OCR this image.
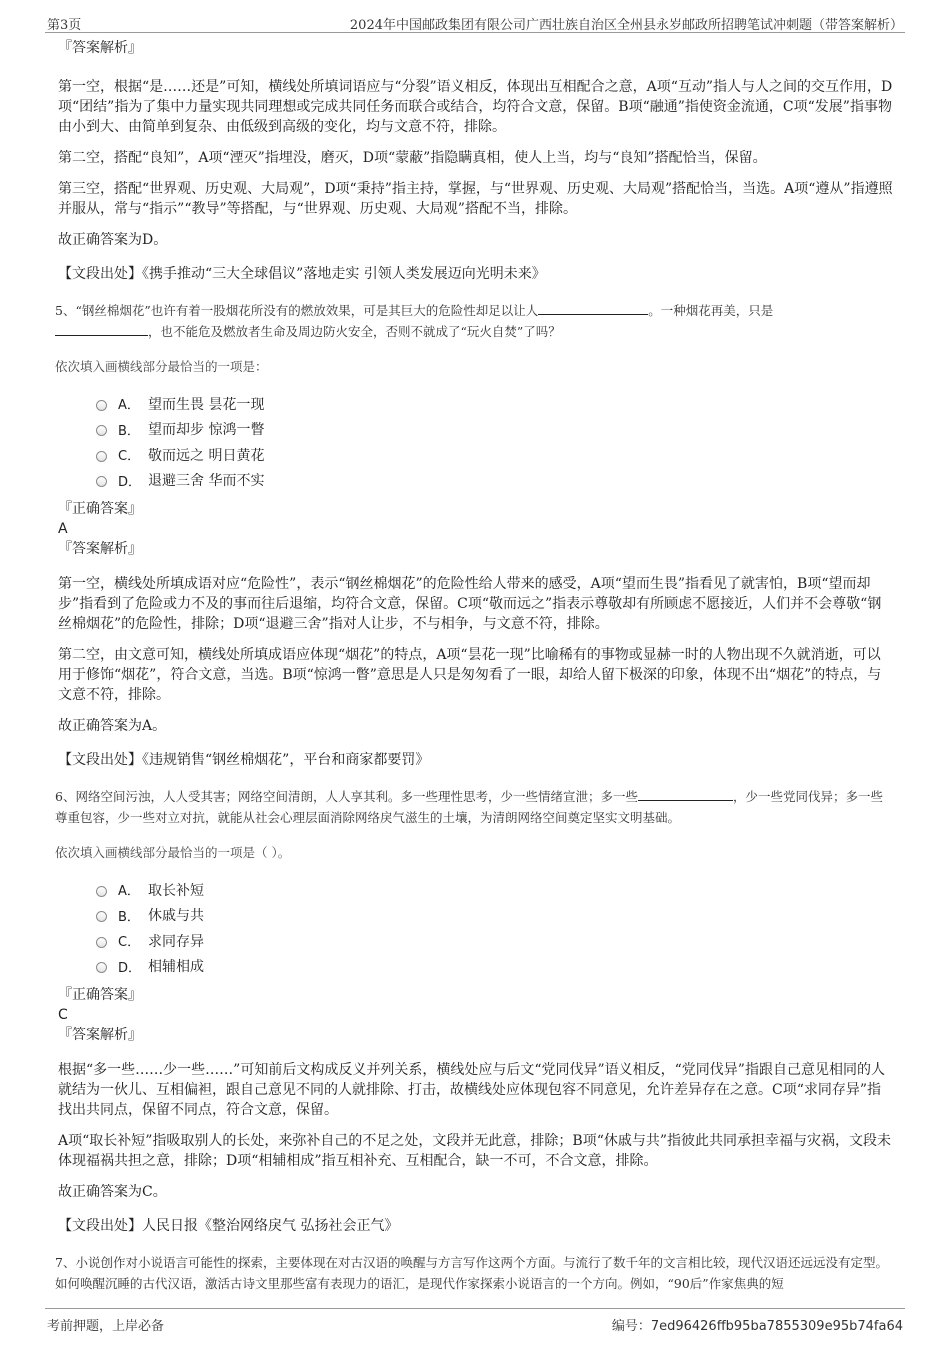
第3页	2024年中国邮政集团有限公司广西壮族自治区全州县永岁邮政所招聘笔试冲刺题（带答案解析）

『答案解析』

第一空，根据“是……还是”可知，横线处所填词语应与“分裂”语义相反，体现出互相配合之意，A项“互动”指人与人之间的交互作用，D项“团结”指为了集中力量实现共同理想或完成共同任务而联合或结合，均符合文意，保留。B项“融通”指使资金流通，C项“发展”指事物由小到大、由简单到复杂、由低级到高级的变化，均与文意不符，排除。

第二空，搭配“良知”，A项“湮灭”指埋没，磨灭，D项“蒙蔽”指隐瞒真相，使人上当，均与“良知”搭配恰当，保留。

第三空，搭配“世界观、历史观、大局观”，D项“秉持”指主持，掌握，与“世界观、历史观、大局观”搭配恰当，当选。A项“遵从”指遵照并服从，常与“指示”“教导”等搭配，与“世界观、历史观、大局观”搭配不当，排除。

故正确答案为D。

【文段出处】《携手推动“三大全球倡议”落地走实 引领人类发展迈向光明未来》

5、“钢丝棉烟花”也许有着一股烟花所没有的燃放效果，可是其巨大的危险性却足以让人	。一种烟花再美，只是
，也不能危及燃放者生命及周边防火安全，否则不就成了“玩火自焚”了吗？

依次填入画横线部分最恰当的一项是：

A． 望而生畏 昙花一现
B． 望而却步 惊鸿一瞥
C． 敬而远之 明日黄花
D． 退避三舍 华而不实

『正确答案』

A

『答案解析』

第一空，横线处所填成语对应“危险性”，表示“钢丝棉烟花”的危险性给人带来的感受，A项“望而生畏”指看见了就害怕，B项“望而却步”指看到了危险或力不及的事而往后退缩，均符合文意，保留。C项“敬而远之”指表示尊敬却有所顾虑不愿接近，人们并不会尊敬“钢丝棉烟花”的危险性，排除；D项“退避三舍”指对人让步，不与相争，与文意不符，排除。

第二空，由文意可知，横线处所填成语应体现“烟花”的特点，A项“昙花一现”比喻稀有的事物或显赫一时的人物出现不久就消逝，可以用于修饰“烟花”，符合文意，当选。B项“惊鸿一瞥”意思是人只是匆匆看了一眼，却给人留下极深的印象，体现不出“烟花”的特点，与文意不符，排除。

故正确答案为A。

【文段出处】《违规销售“钢丝棉烟花”，平台和商家都要罚》

6、网络空间污浊，人人受其害；网络空间清朗，人人享其利。多一些理性思考，少一些情绪宣泄；多一些	，少一些党同伐异；多一些尊重包容，少一些对立对抗，就能从社会心理层面消除网络戾气滋生的土壤，为清朗网络空间奠定坚实文明基础。

依次填入画横线部分最恰当的一项是（ ）。

A． 取长补短
B． 休戚与共
C． 求同存异
D． 相辅相成

『正确答案』

C

『答案解析』

根据“多一些……少一些……”可知前后文构成反义并列关系，横线处应与后文“党同伐异”语义相反，“党同伐异”指跟自己意见相同的人就结为一伙儿、互相偏袒，跟自己意见不同的人就排除、打击，故横线处应体现包容不同意见，允许差异存在之意。C项“求同存异”指找出共同点，保留不同点，符合文意，保留。

A项“取长补短”指吸取别人的长处，来弥补自己的不足之处，文段并无此意，排除；B项“休戚与共”指彼此共同承担幸福与灾祸，文段未体现福祸共担之意，排除；D项“相辅相成”指互相补充、互相配合，缺一不可，不合文意，排除。

故正确答案为C。

【文段出处】人民日报《整治网络戾气 弘扬社会正气》

7、小说创作对小说语言可能性的探索，主要体现在对古汉语的唤醒与方言写作这两个方面。与流行了数千年的文言相比较，现代汉语还远远没有定型。如何唤醒沉睡的古代汉语，激活古诗文里那些富有表现力的语汇，是现代作家探索小说语言的一个方向。例如，“90后”作家焦典的短

考前押题，上岸必备	编号：7ed96426ffb95ba7855309e95b74fa64
